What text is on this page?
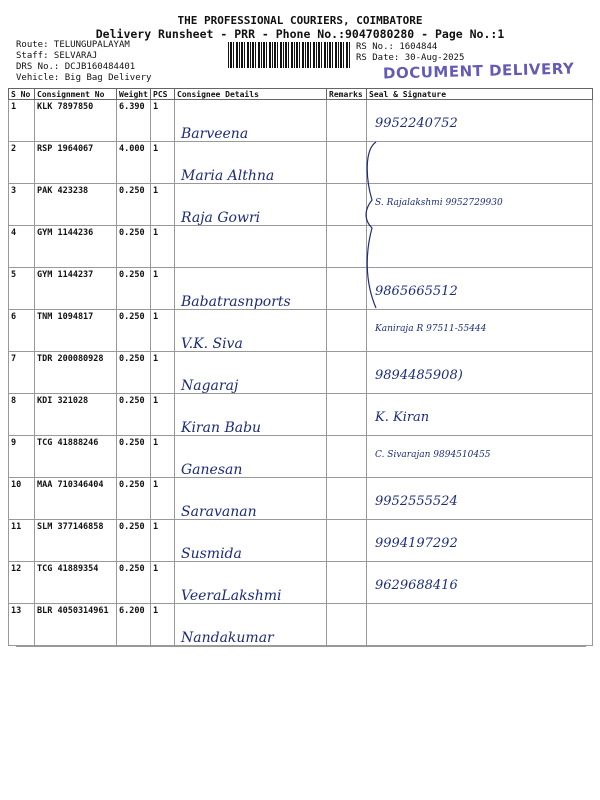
THE PROFESSIONAL COURIERS, COIMBATORE
Delivery Runsheet - PRR - Phone No.:9047080280 - Page No.:1
Route: TELUNGUPALAYAM
Staff: SELVARAJ
DRS No.: DCJB160484401
Vehicle: Big Bag Delivery
RS No.: 1604844
RS Date: 30-Aug-2025
DOCUMENT DELIVERY
S No	Consignment No	Weight	PCS	Consignee Details	Remarks	Seal & Signature
1	KLK 7897850	6.390	1	Barveena		9952240752

2	RSP 1964067	4.000	1	Maria Althna		

3	PAK 423238	0.250	1	Raja Gowri		S. Rajalakshmi 9952729930

4	GYM 1144236	0.250	1	

5	GYM 1144237	0.250	1	Babatrasnports		9865665512

6	TNM 1094817	0.250	1	V.K. Siva		Kaniraja R 97511-55444

7	TDR 200080928	0.250	1	Nagaraj		9894485908)

8	KDI 321028	0.250	1	Kiran Babu		K. Kiran

9	TCG 41888246	0.250	1	Ganesan		C. Sivarajan 9894510455

10	MAA 710346404	0.250	1	Saravanan		9952555524

11	SLM 377146858	0.250	1	Susmida		9994197292

12	TCG 41889354	0.250	1	VeeraLakshmi		9629688416

13	BLR 4050314961	6.200	1	Nandakumar		
